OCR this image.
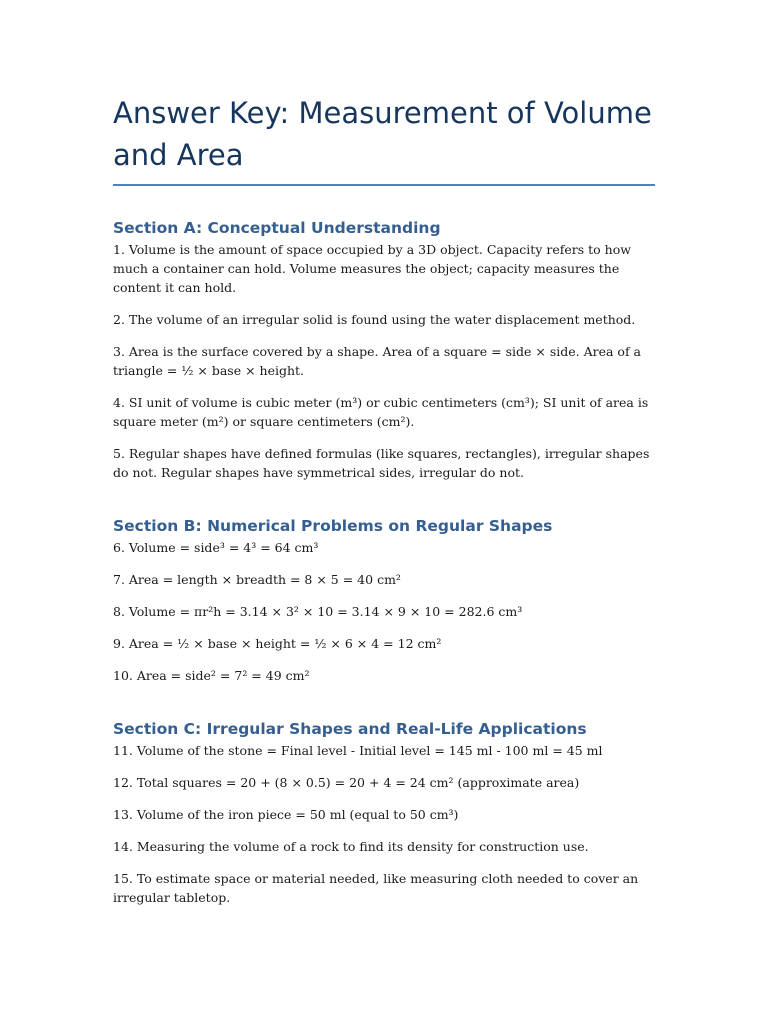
Answer Key: Measurement of Volume and Area
Section A: Conceptual Understanding

1. Volume is the amount of space occupied by a 3D object. Capacity refers to how much a container can hold. Volume measures the object; capacity measures the content it can hold.

2. The volume of an irregular solid is found using the water displacement method.

3. Area is the surface covered by a shape. Area of a square = side × side. Area of a triangle = ½ × base × height.

4. SI unit of volume is cubic meter (m³) or cubic centimeters (cm³); SI unit of area is square meter (m²) or square centimeters (cm²).

5. Regular shapes have defined formulas (like squares, rectangles), irregular shapes do not. Regular shapes have symmetrical sides, irregular do not.

Section B: Numerical Problems on Regular Shapes

6. Volume = side³ = 4³ = 64 cm³

7. Area = length × breadth = 8 × 5 = 40 cm²

8. Volume = πr²h = 3.14 × 3² × 10 = 3.14 × 9 × 10 = 282.6 cm³

9. Area = ½ × base × height = ½ × 6 × 4 = 12 cm²

10. Area = side² = 7² = 49 cm²

Section C: Irregular Shapes and Real-Life Applications

11. Volume of the stone = Final level - Initial level = 145 ml - 100 ml = 45 ml

12. Total squares = 20 + (8 × 0.5) = 20 + 4 = 24 cm² (approximate area)

13. Volume of the iron piece = 50 ml (equal to 50 cm³)

14. Measuring the volume of a rock to find its density for construction use.

15. To estimate space or material needed, like measuring cloth needed to cover an irregular tabletop.
